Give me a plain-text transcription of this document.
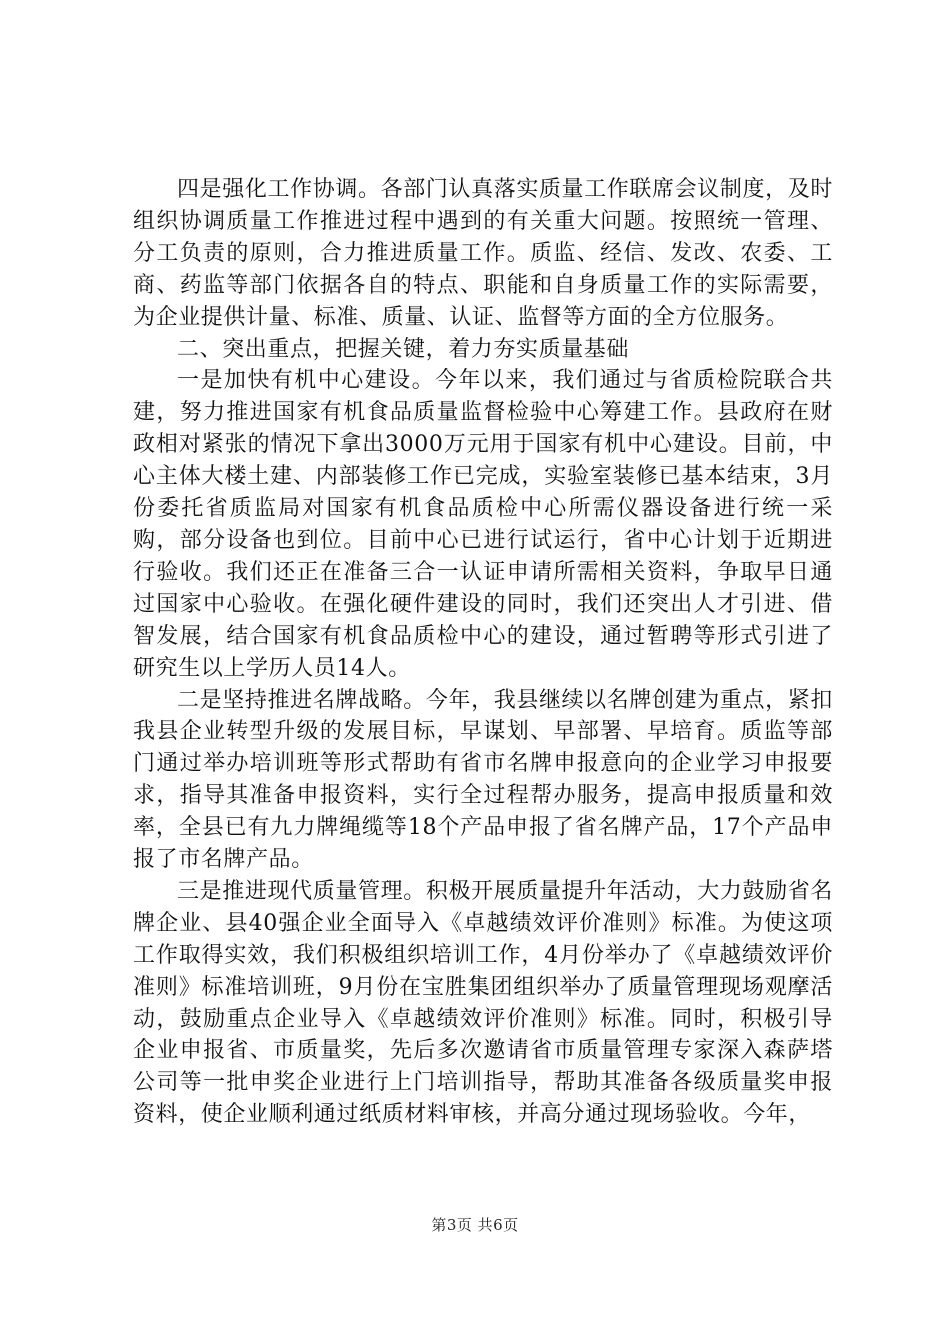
四是强化工作协调。各部门认真落实质量工作联席会议制度，及时组织协调质量工作推进过程中遇到的有关重大问题。按照统一管理、分工负责的原则，合力推进质量工作。质监、经信、发改、农委、工商、药监等部门依据各自的特点、职能和自身质量工作的实际需要，为企业提供计量、标准、质量、认证、监督等方面的全方位服务。

二、突出重点，把握关键，着力夯实质量基础

一是加快有机中心建设。今年以来，我们通过与省质检院联合共建，努力推进国家有机食品质量监督检验中心筹建工作。县政府在财政相对紧张的情况下拿出3000万元用于国家有机中心建设。目前，中心主体大楼土建、内部装修工作已完成，实验室装修已基本结束，3月份委托省质监局对国家有机食品质检中心所需仪器设备进行统一采购，部分设备也到位。目前中心已进行试运行，省中心计划于近期进行验收。我们还正在准备三合一认证申请所需相关资料，争取早日通过国家中心验收。在强化硬件建设的同时，我们还突出人才引进、借智发展，结合国家有机食品质检中心的建设，通过暂聘等形式引进了研究生以上学历人员14人。

二是坚持推进名牌战略。今年，我县继续以名牌创建为重点，紧扣我县企业转型升级的发展目标，早谋划、早部署、早培育。质监等部门通过举办培训班等形式帮助有省市名牌申报意向的企业学习申报要求，指导其准备申报资料，实行全过程帮办服务，提高申报质量和效率，全县已有九力牌绳缆等18个产品申报了省名牌产品，17个产品申报了市名牌产品。

三是推进现代质量管理。积极开展质量提升年活动，大力鼓励省名牌企业、县40强企业全面导入《卓越绩效评价准则》标准。为使这项工作取得实效，我们积极组织培训工作，4月份举办了《卓越绩效评价准则》标准培训班，9月份在宝胜集团组织举办了质量管理现场观摩活动，鼓励重点企业导入《卓越绩效评价准则》标准。同时，积极引导企业申报省、市质量奖，先后多次邀请省市质量管理专家深入森萨塔公司等一批申奖企业进行上门培训指导，帮助其准备各级质量奖申报资料，使企业顺利通过纸质材料审核，并高分通过现场验收。今年，

第3页 共6页
